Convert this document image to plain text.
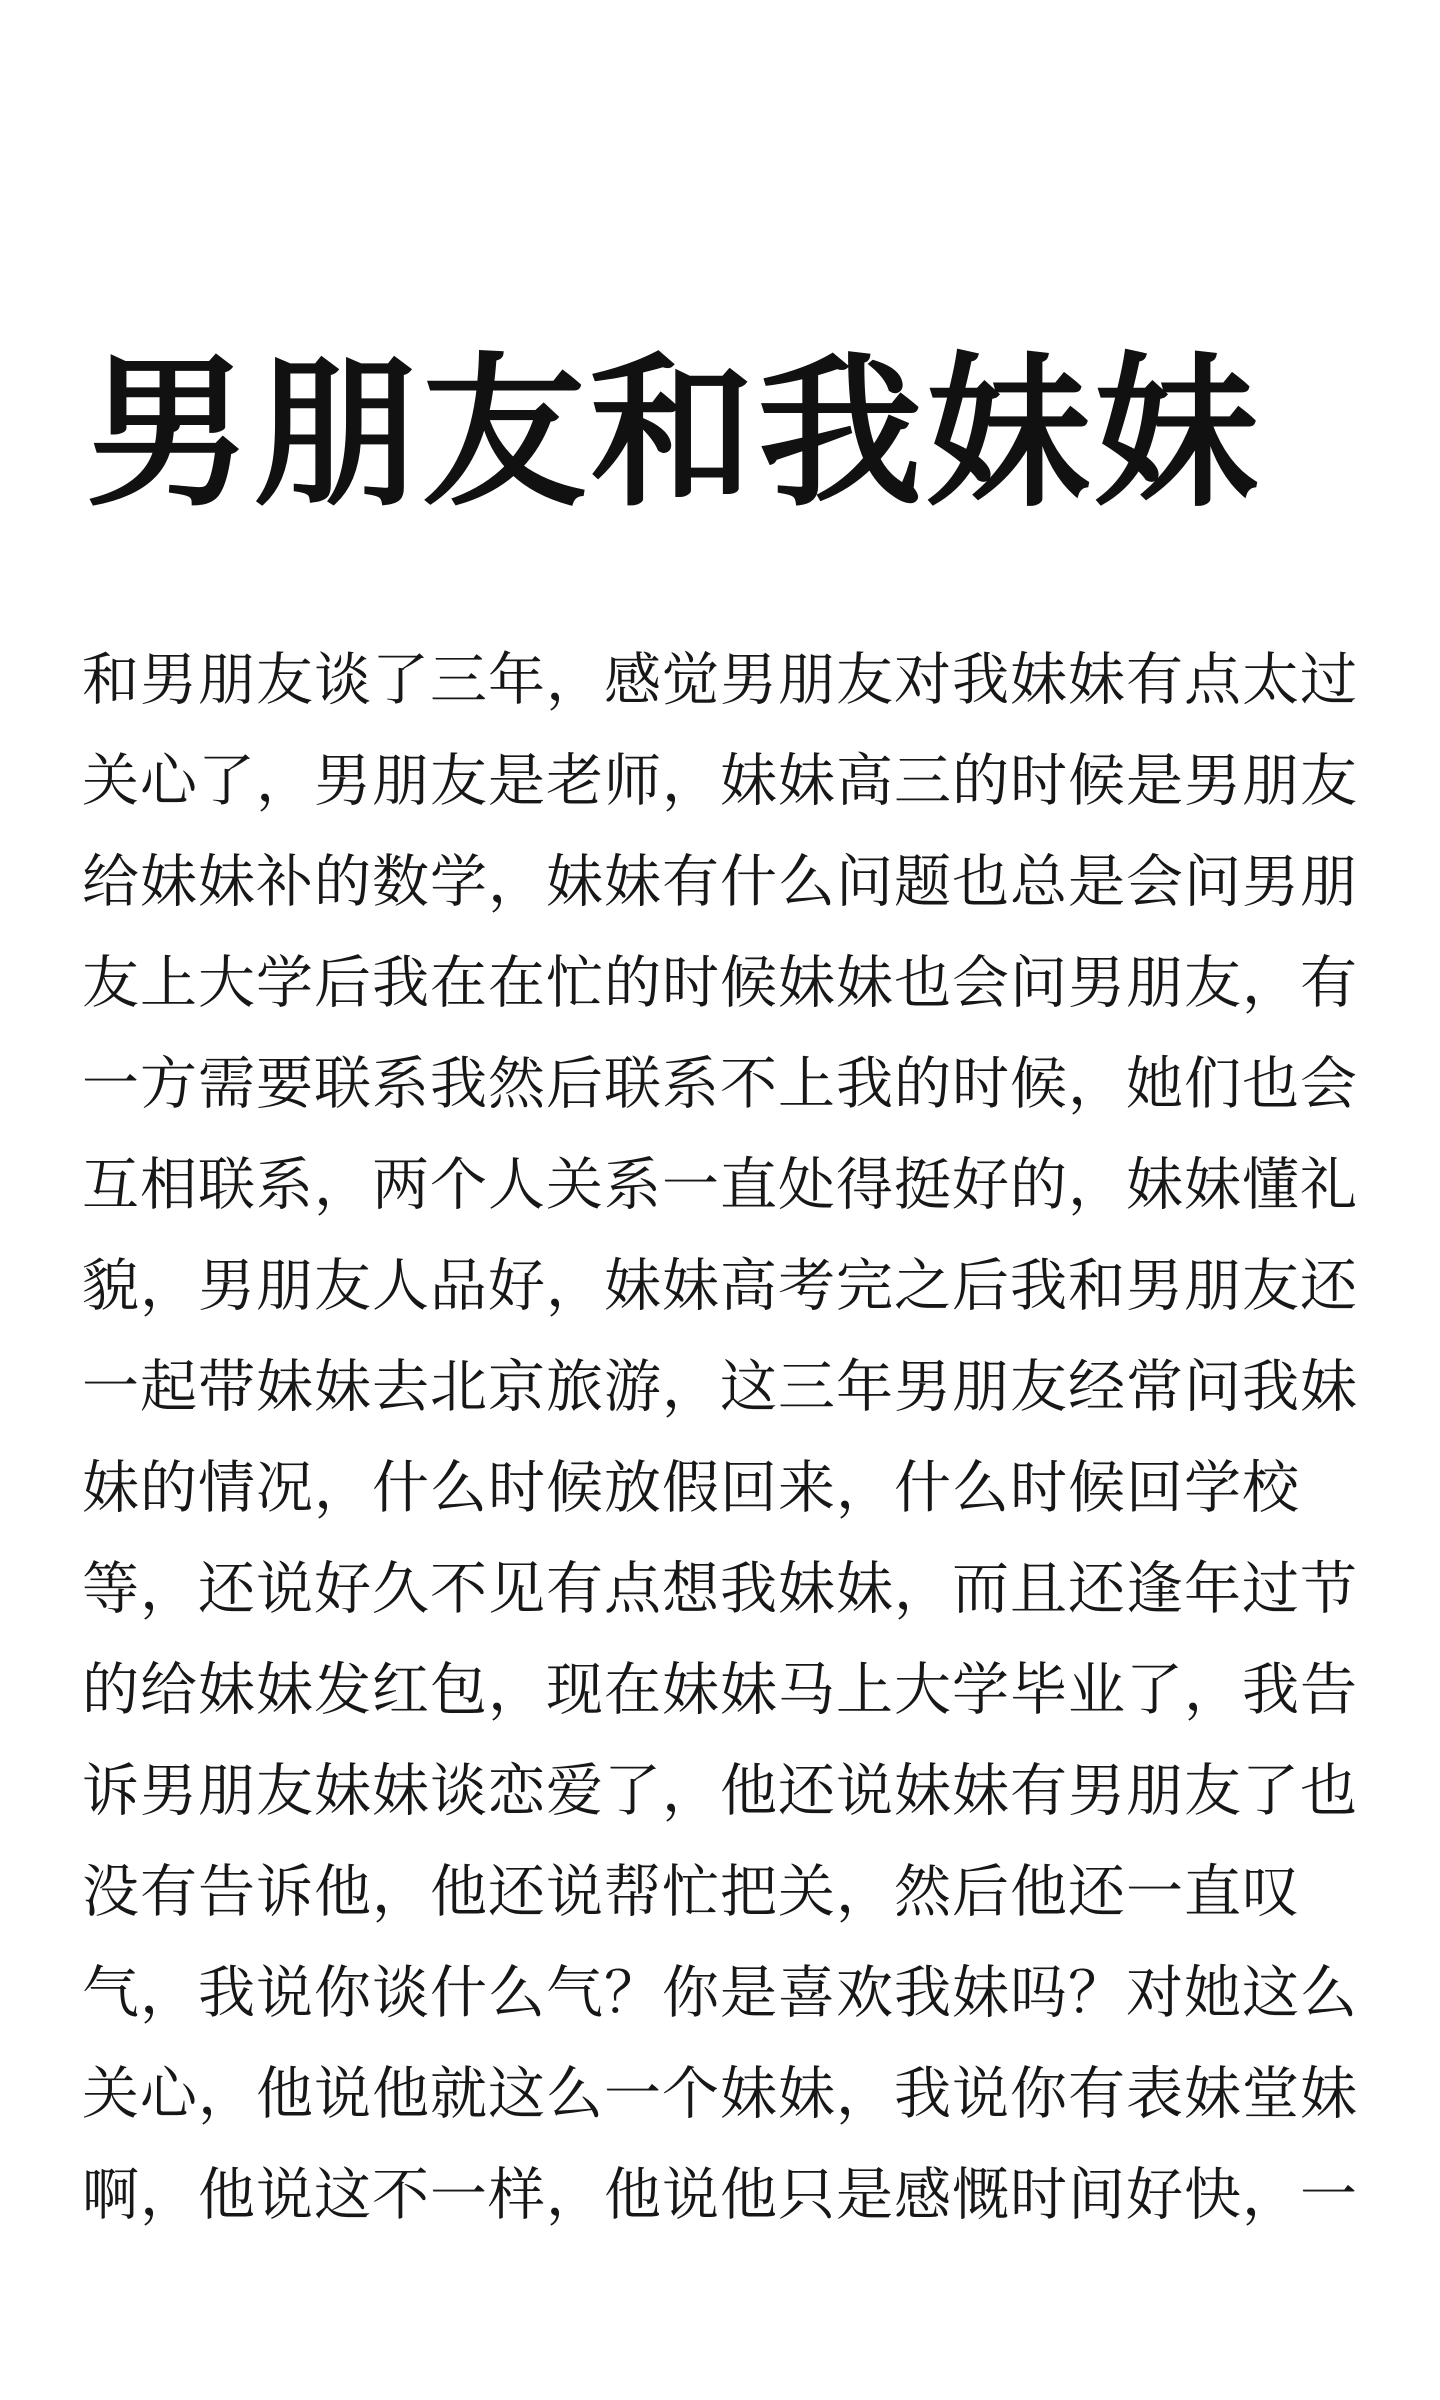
男朋友和我妹妹
和男朋友谈了三年，感觉男朋友对我妹妹有点太过
关心了，男朋友是老师，妹妹高三的时候是男朋友
给妹妹补的数学，妹妹有什么问题也总是会问男朋
友上大学后我在在忙的时候妹妹也会问男朋友，有
一方需要联系我然后联系不上我的时候，她们也会
互相联系，两个人关系一直处得挺好的，妹妹懂礼
貌，男朋友人品好，妹妹高考完之后我和男朋友还
一起带妹妹去北京旅游，这三年男朋友经常问我妹
妹的情况，什么时候放假回来，什么时候回学校
等，还说好久不见有点想我妹妹，而且还逢年过节
的给妹妹发红包，现在妹妹马上大学毕业了，我告
诉男朋友妹妹谈恋爱了，他还说妹妹有男朋友了也
没有告诉他，他还说帮忙把关，然后他还一直叹
气，我说你谈什么气？你是喜欢我妹吗？对她这么
关心，他说他就这么一个妹妹，我说你有表妹堂妹
啊，他说这不一样，他说他只是感慨时间好快，一
